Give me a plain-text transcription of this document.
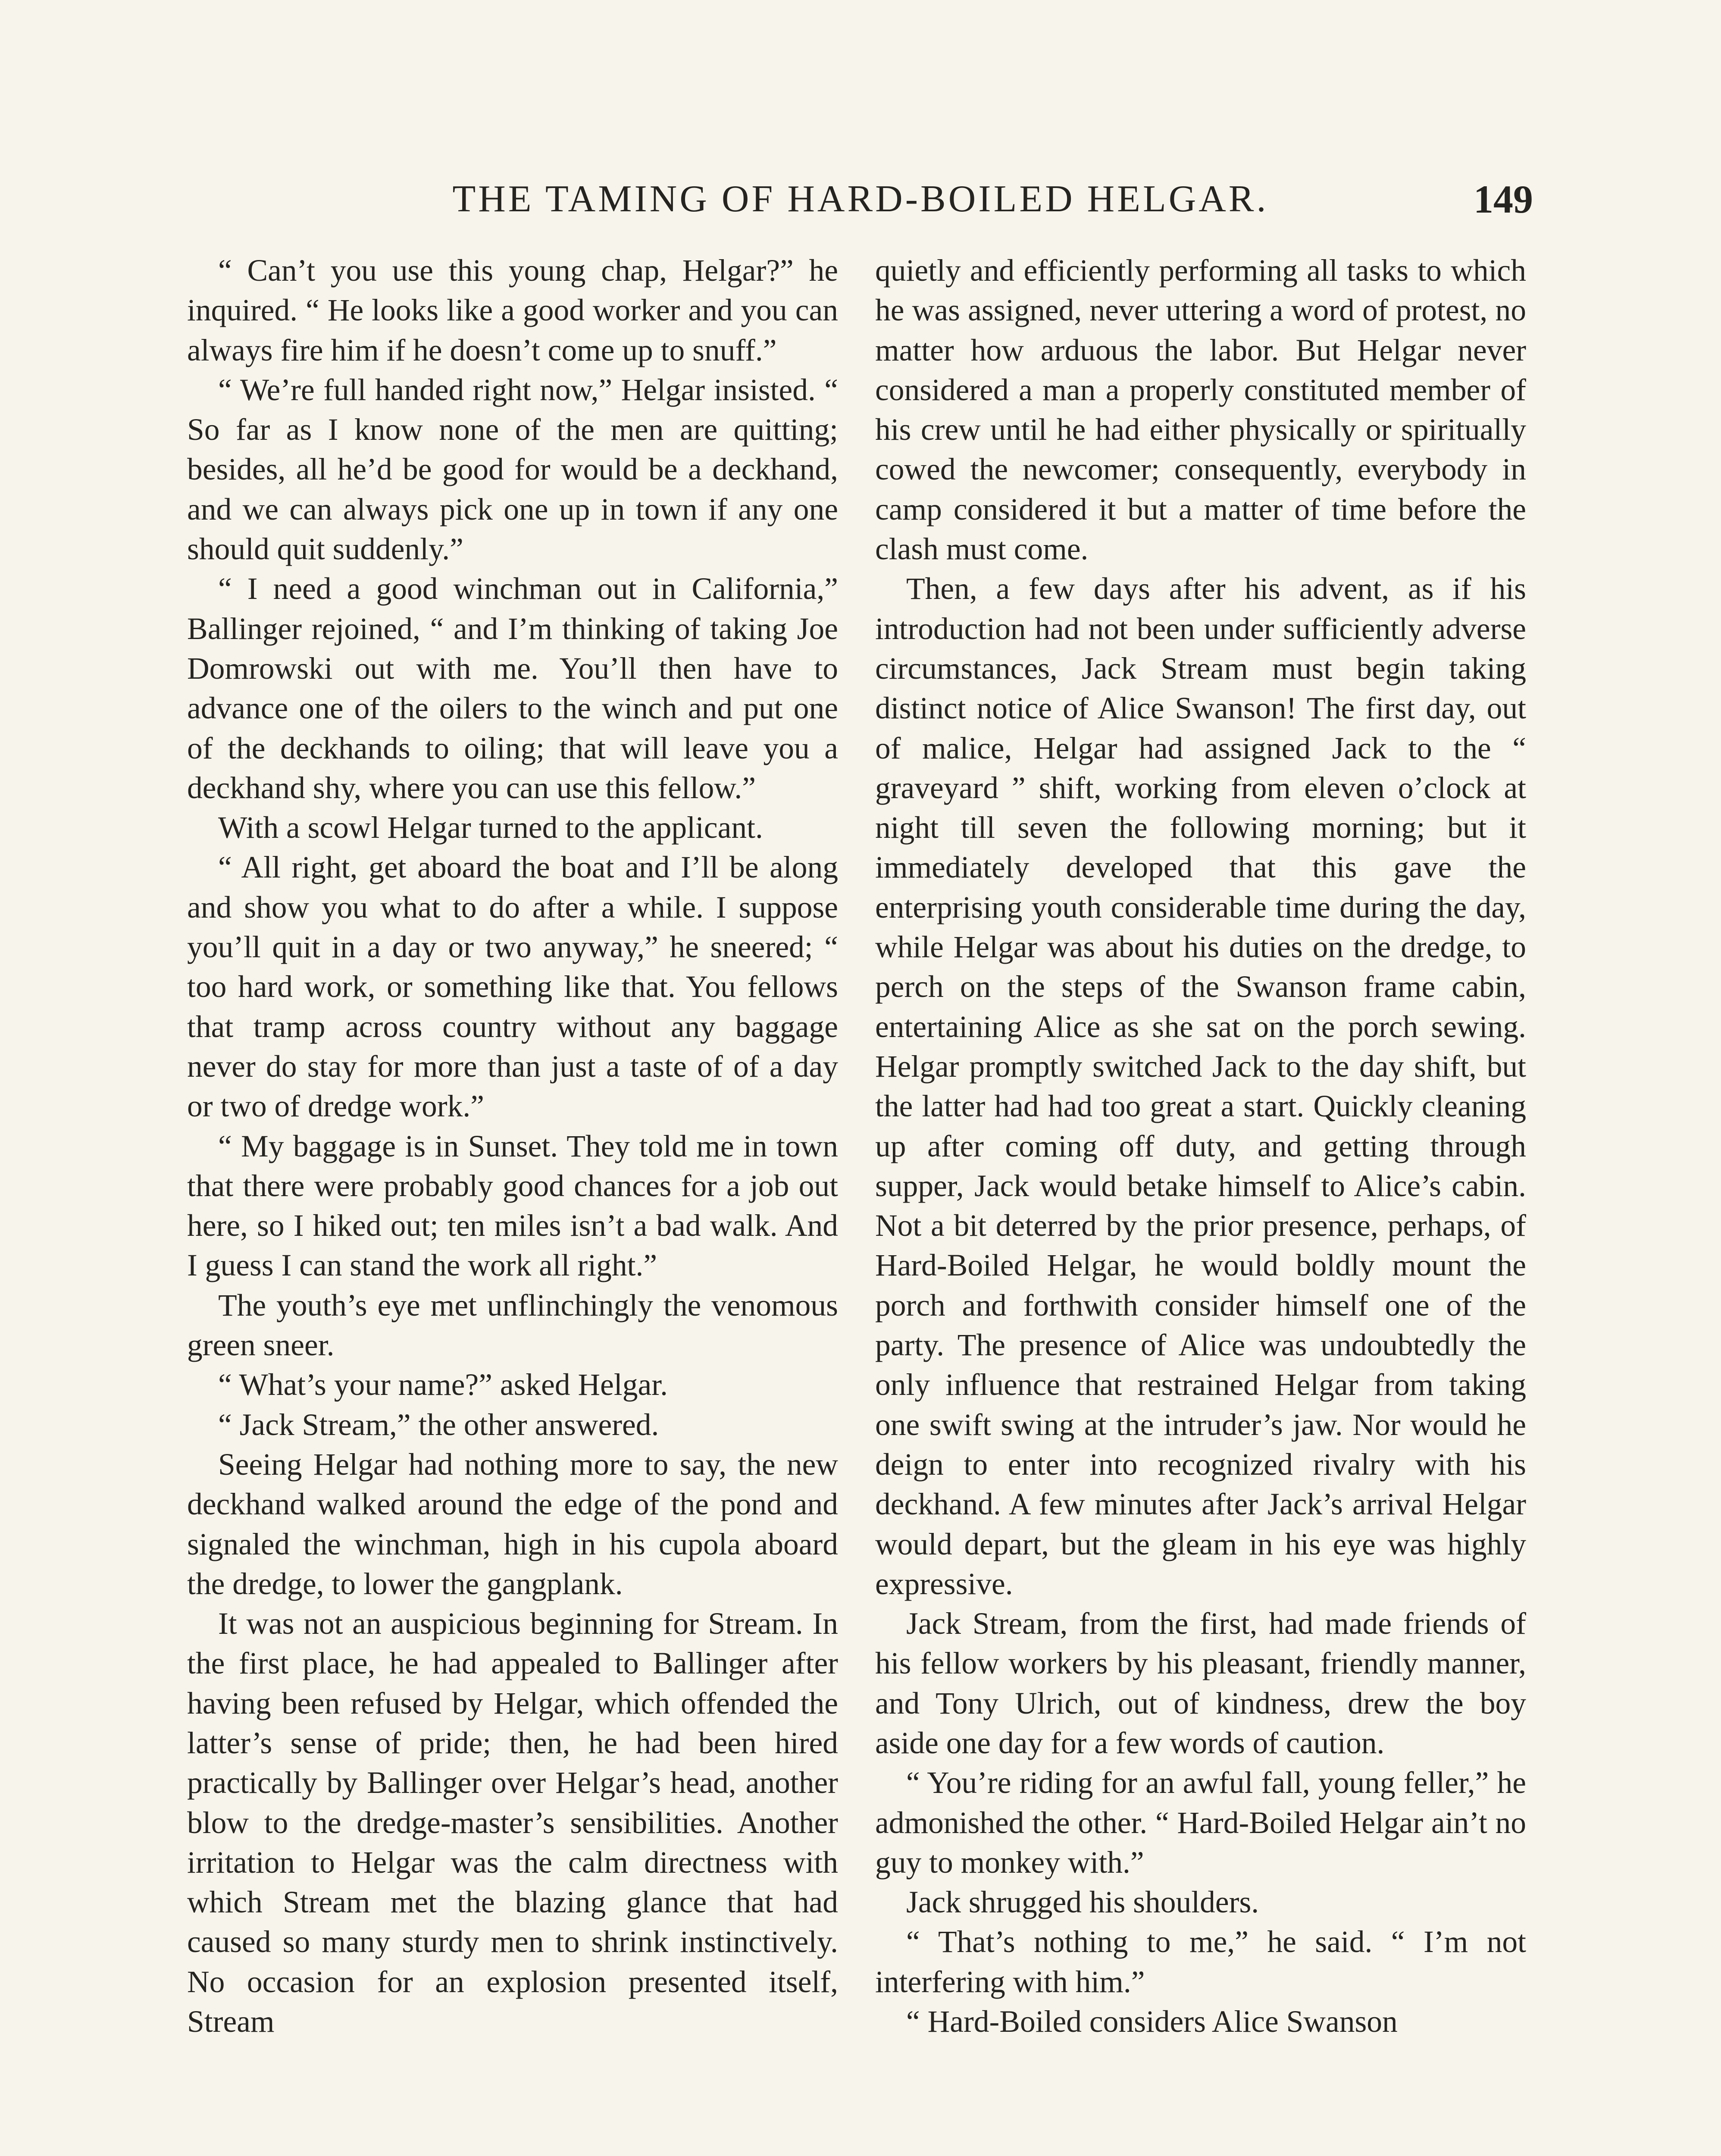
THE TAMING OF HARD-BOILED HELGAR.	149

“ Can’t you use this young chap, Helgar?” he inquired. “ He looks like a good worker and you can always fire him if he doesn’t come up to snuff.”

“ We’re full handed right now,” Helgar insisted. “ So far as I know none of the men are quitting; besides, all he’d be good for would be a deckhand, and we can always pick one up in town if any one should quit suddenly.”

“ I need a good winchman out in California,” Ballinger rejoined, “ and I’m thinking of taking Joe Domrowski out with me. You’ll then have to advance one of the oilers to the winch and put one of the deckhands to oiling; that will leave you a deckhand shy, where you can use this fellow.”

With a scowl Helgar turned to the applicant.

“ All right, get aboard the boat and I’ll be along and show you what to do after a while. I suppose you’ll quit in a day or two anyway,” he sneered; “ too hard work, or something like that. You fellows that tramp across country without any baggage never do stay for more than just a taste of of a day or two of dredge work.”

“ My baggage is in Sunset. They told me in town that there were probably good chances for a job out here, so I hiked out; ten miles isn’t a bad walk. And I guess I can stand the work all right.”

The youth’s eye met unflinchingly the venomous green sneer.

“ What’s your name?” asked Helgar.

“ Jack Stream,” the other answered.

Seeing Helgar had nothing more to say, the new deckhand walked around the edge of the pond and signaled the winchman, high in his cupola aboard the dredge, to lower the gangplank.

It was not an auspicious beginning for Stream. In the first place, he had appealed to Ballinger after having been refused by Helgar, which offended the latter’s sense of pride; then, he had been hired practically by Ballinger over Helgar’s head, another blow to the dredge-master’s sensibilities. Another irritation to Helgar was the calm directness with which Stream met the blazing glance that had caused so many sturdy men to shrink instinctively. No occasion for an explosion presented itself, Stream

quietly and efficiently performing all tasks to which he was assigned, never uttering a word of protest, no matter how arduous the labor. But Helgar never considered a man a properly constituted member of his crew until he had either physically or spiritually cowed the newcomer; consequently, everybody in camp considered it but a matter of time before the clash must come.

Then, a few days after his advent, as if his introduction had not been under sufficiently adverse circumstances, Jack Stream must begin taking distinct notice of Alice Swanson! The first day, out of malice, Helgar had assigned Jack to the “ graveyard ” shift, working from eleven o’clock at night till seven the following morning; but it immediately developed that this gave the enterprising youth considerable time during the day, while Helgar was about his duties on the dredge, to perch on the steps of the Swanson frame cabin, entertaining Alice as she sat on the porch sewing. Helgar promptly switched Jack to the day shift, but the latter had had too great a start. Quickly cleaning up after coming off duty, and getting through supper, Jack would betake himself to Alice’s cabin. Not a bit deterred by the prior presence, perhaps, of Hard-Boiled Helgar, he would boldly mount the porch and forthwith consider himself one of the party. The presence of Alice was undoubtedly the only influence that restrained Helgar from taking one swift swing at the intruder’s jaw. Nor would he deign to enter into recognized rivalry with his deckhand. A few minutes after Jack’s arrival Helgar would depart, but the gleam in his eye was highly expressive.

Jack Stream, from the first, had made friends of his fellow workers by his pleasant, friendly manner, and Tony Ulrich, out of kindness, drew the boy aside one day for a few words of caution.

“ You’re riding for an awful fall, young feller,” he admonished the other. “ Hard-Boiled Helgar ain’t no guy to monkey with.”

Jack shrugged his shoulders.

“ That’s nothing to me,” he said. “ I’m not interfering with him.”

“ Hard-Boiled considers Alice Swanson
